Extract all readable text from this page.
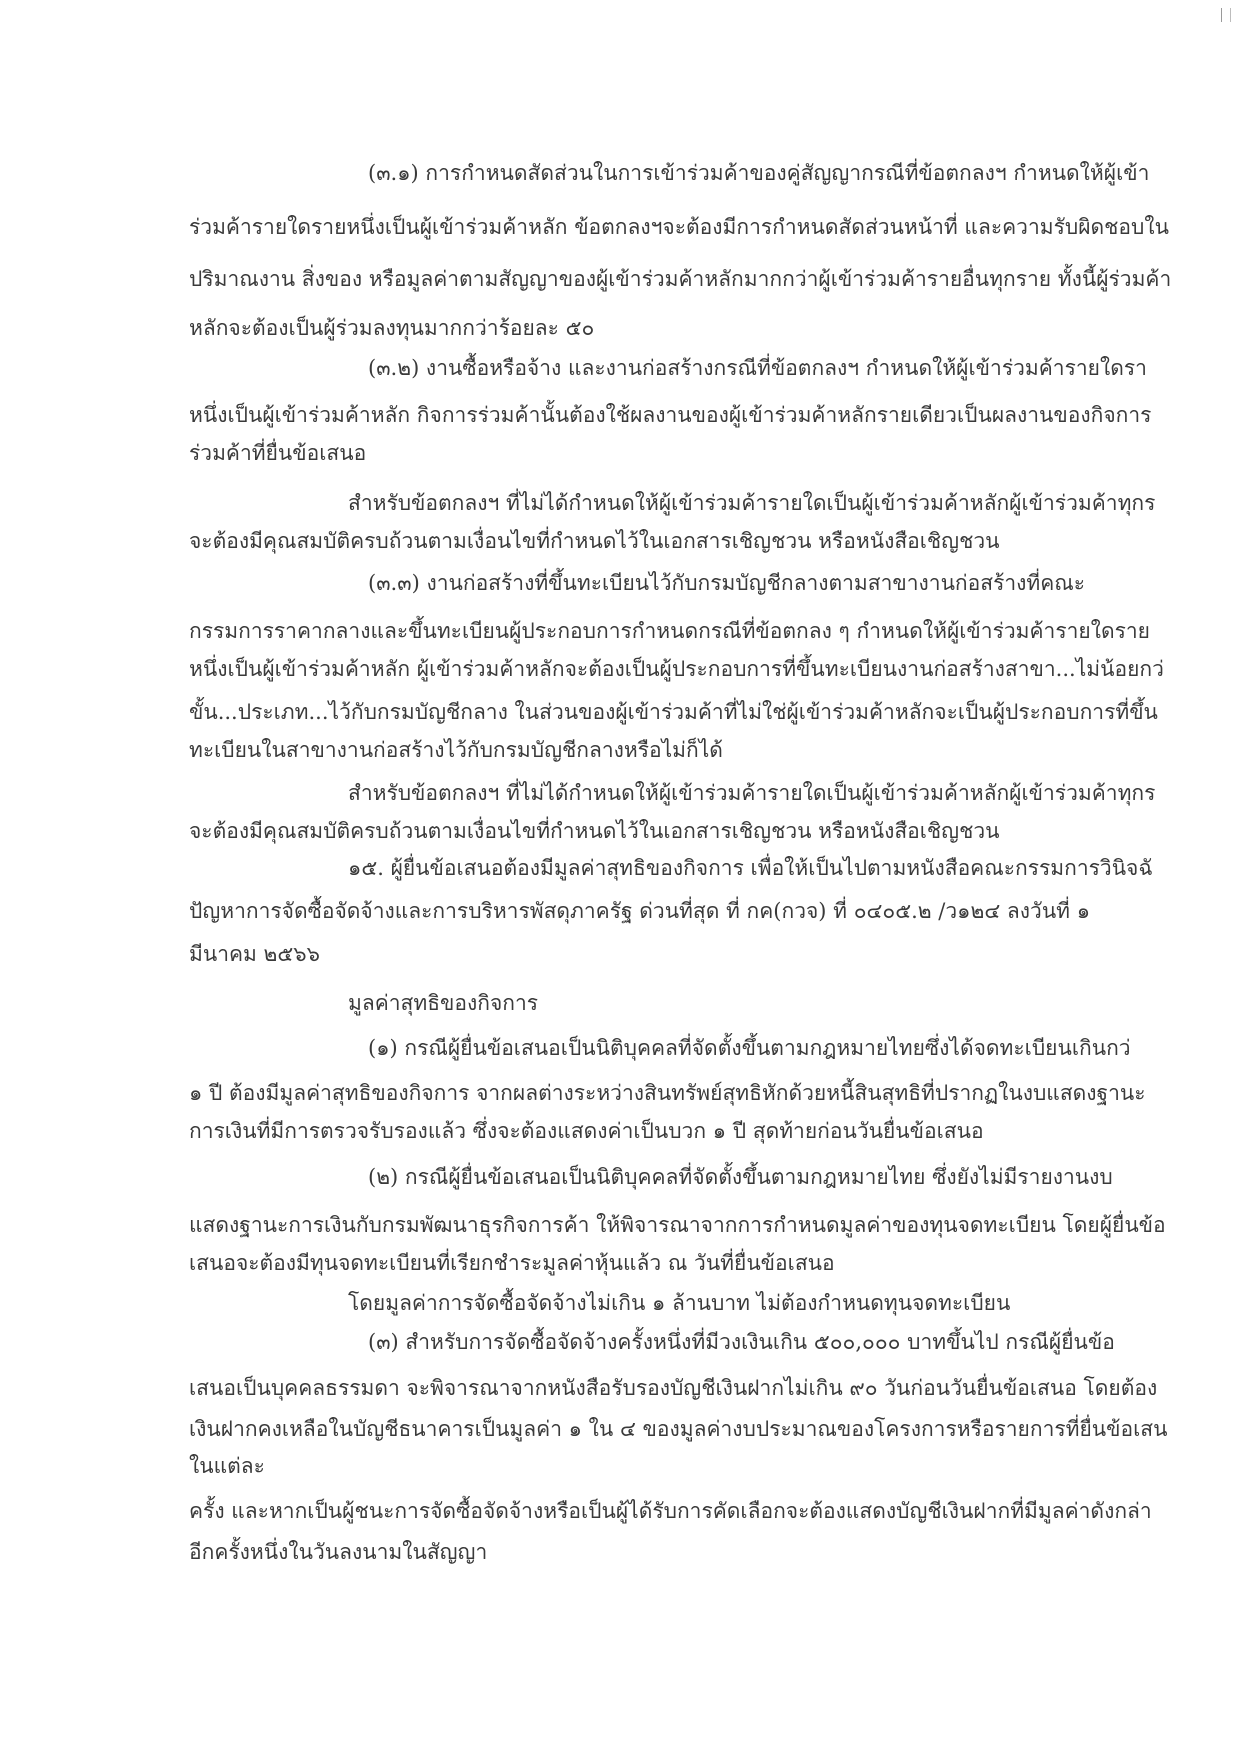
(๓.๑) การกำหนดสัดส่วนในการเข้าร่วมค้าของคู่สัญญากรณีที่ข้อตกลงฯ กำหนดให้ผู้เข้า
ร่วมค้ารายใดรายหนึ่งเป็นผู้เข้าร่วมค้าหลัก ข้อตกลงฯจะต้องมีการกำหนดสัดส่วนหน้าที่ และความรับผิดชอบใน
ปริมาณงาน สิ่งของ หรือมูลค่าตามสัญญาของผู้เข้าร่วมค้าหลักมากกว่าผู้เข้าร่วมค้ารายอื่นทุกราย ทั้งนี้ผู้ร่วมค้า
หลักจะต้องเป็นผู้ร่วมลงทุนมากกว่าร้อยละ ๕๐
(๓.๒) งานซื้อหรือจ้าง และงานก่อสร้างกรณีที่ข้อตกลงฯ กำหนดให้ผู้เข้าร่วมค้ารายใดรา
หนึ่งเป็นผู้เข้าร่วมค้าหลัก กิจการร่วมค้านั้นต้องใช้ผลงานของผู้เข้าร่วมค้าหลักรายเดียวเป็นผลงานของกิจการ
ร่วมค้าที่ยื่นข้อเสนอ
สำหรับข้อตกลงฯ ที่ไม่ได้กำหนดให้ผู้เข้าร่วมค้ารายใดเป็นผู้เข้าร่วมค้าหลักผู้เข้าร่วมค้าทุกร
จะต้องมีคุณสมบัติครบถ้วนตามเงื่อนไขที่กำหนดไว้ในเอกสารเชิญชวน หรือหนังสือเชิญชวน
(๓.๓) งานก่อสร้างที่ขึ้นทะเบียนไว้กับกรมบัญชีกลางตามสาขางานก่อสร้างที่คณะ
กรรมการราคากลางและขึ้นทะเบียนผู้ประกอบการกำหนดกรณีที่ข้อตกลง ๆ กำหนดให้ผู้เข้าร่วมค้ารายใดราย
หนึ่งเป็นผู้เข้าร่วมค้าหลัก ผู้เข้าร่วมค้าหลักจะต้องเป็นผู้ประกอบการที่ขึ้นทะเบียนงานก่อสร้างสาขา...ไม่น้อยกว่
ขั้น...ประเภท...ไว้กับกรมบัญชีกลาง ในส่วนของผู้เข้าร่วมค้าที่ไม่ใช่ผู้เข้าร่วมค้าหลักจะเป็นผู้ประกอบการที่ขึ้น
ทะเบียนในสาขางานก่อสร้างไว้กับกรมบัญชีกลางหรือไม่ก็ได้
สำหรับข้อตกลงฯ ที่ไม่ได้กำหนดให้ผู้เข้าร่วมค้ารายใดเป็นผู้เข้าร่วมค้าหลักผู้เข้าร่วมค้าทุกร
จะต้องมีคุณสมบัติครบถ้วนตามเงื่อนไขที่กำหนดไว้ในเอกสารเชิญชวน หรือหนังสือเชิญชวน
๑๕. ผู้ยื่นข้อเสนอต้องมีมูลค่าสุทธิของกิจการ เพื่อให้เป็นไปตามหนังสือคณะกรรมการวินิจฉั
ปัญหาการจัดซื้อจัดจ้างและการบริหารพัสดุภาครัฐ ด่วนที่สุด ที่ กค(กวจ) ที่ ๐๔๐๕.๒ /ว๑๒๔ ลงวันที่ ๑
มีนาคม ๒๕๖๖
มูลค่าสุทธิของกิจการ
(๑) กรณีผู้ยื่นข้อเสนอเป็นนิติบุคคลที่จัดตั้งขึ้นตามกฎหมายไทยซึ่งได้จดทะเบียนเกินกว่
๑ ปี ต้องมีมูลค่าสุทธิของกิจการ จากผลต่างระหว่างสินทรัพย์สุทธิหักด้วยหนี้สินสุทธิที่ปรากฏในงบแสดงฐานะ
การเงินที่มีการตรวจรับรองแล้ว ซึ่งจะต้องแสดงค่าเป็นบวก ๑ ปี สุดท้ายก่อนวันยื่นข้อเสนอ
(๒) กรณีผู้ยื่นข้อเสนอเป็นนิติบุคคลที่จัดตั้งขึ้นตามกฎหมายไทย ซึ่งยังไม่มีรายงานงบ
แสดงฐานะการเงินกับกรมพัฒนาธุรกิจการค้า ให้พิจารณาจากการกำหนดมูลค่าของทุนจดทะเบียน โดยผู้ยื่นข้อ
เสนอจะต้องมีทุนจดทะเบียนที่เรียกชำระมูลค่าหุ้นแล้ว ณ วันที่ยื่นข้อเสนอ
โดยมูลค่าการจัดซื้อจัดจ้างไม่เกิน ๑ ล้านบาท ไม่ต้องกำหนดทุนจดทะเบียน
(๓) สำหรับการจัดซื้อจัดจ้างครั้งหนึ่งที่มีวงเงินเกิน ๕๐๐,๐๐๐ บาทขึ้นไป กรณีผู้ยื่นข้อ
เสนอเป็นบุคคลธรรมดา จะพิจารณาจากหนังสือรับรองบัญชีเงินฝากไม่เกิน ๙๐ วันก่อนวันยื่นข้อเสนอ โดยต้อง
เงินฝากคงเหลือในบัญชีธนาคารเป็นมูลค่า ๑ ใน ๔ ของมูลค่างบประมาณของโครงการหรือรายการที่ยื่นข้อเสน
ในแต่ละ
ครั้ง และหากเป็นผู้ชนะการจัดซื้อจัดจ้างหรือเป็นผู้ได้รับการคัดเลือกจะต้องแสดงบัญชีเงินฝากที่มีมูลค่าดังกล่า
อีกครั้งหนึ่งในวันลงนามในสัญญา
